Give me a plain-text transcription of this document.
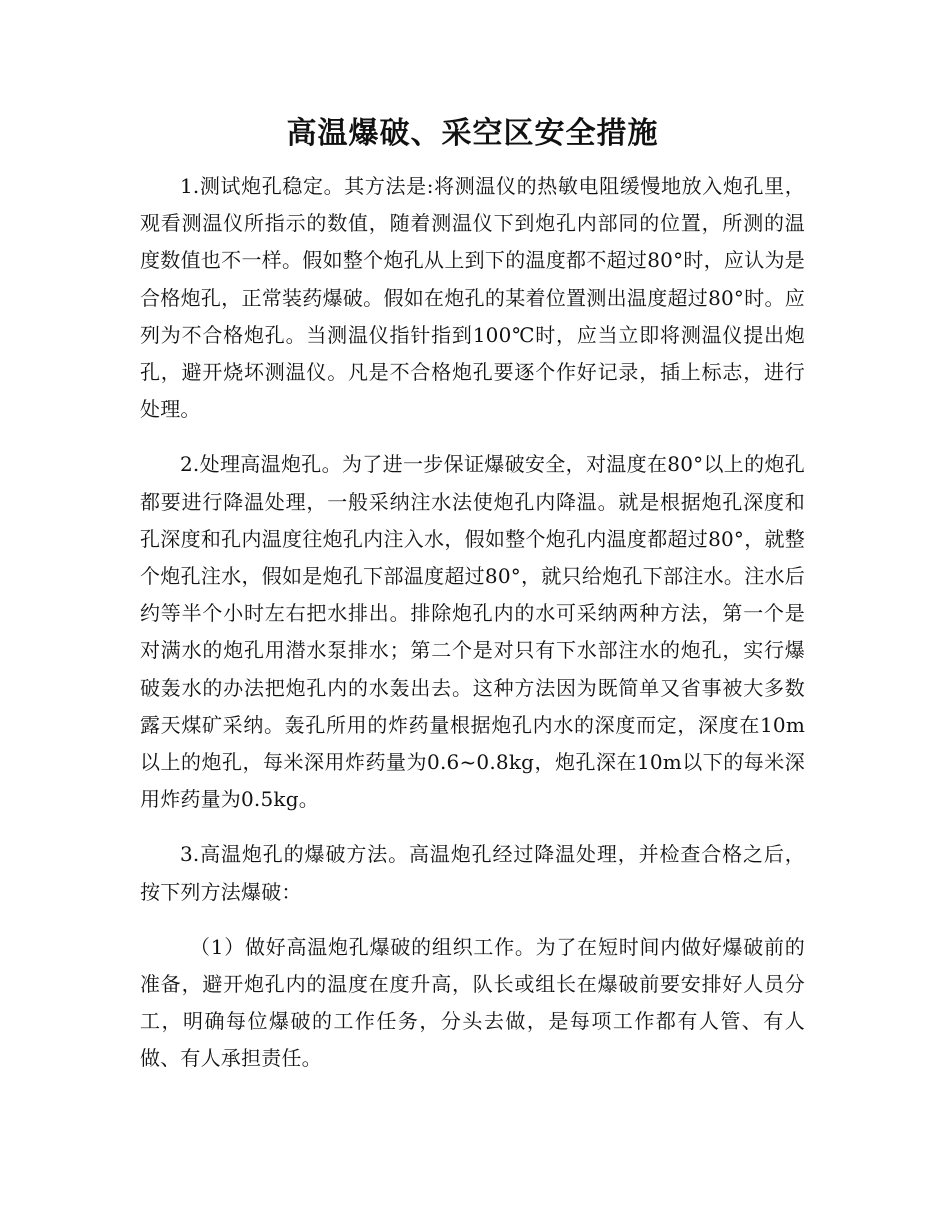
高温爆破、采空区安全措施

1.测试炮孔稳定。其方法是:将测温仪的热敏电阻缓慢地放入炮孔里，观看测温仪所指示的数值，随着测温仪下到炮孔内部同的位置，所测的温度数值也不一样。假如整个炮孔从上到下的温度都不超过80°时，应认为是合格炮孔，正常装药爆破。假如在炮孔的某着位置测出温度超过80°时。应列为不合格炮孔。当测温仪指针指到100℃时，应当立即将测温仪提出炮孔，避开烧坏测温仪。凡是不合格炮孔要逐个作好记录，插上标志，进行处理。

2.处理高温炮孔。为了进一步保证爆破安全，对温度在80°以上的炮孔都要进行降温处理，一般采纳注水法使炮孔内降温。就是根据炮孔深度和孔深度和孔内温度往炮孔内注入水，假如整个炮孔内温度都超过80°，就整个炮孔注水，假如是炮孔下部温度超过80°，就只给炮孔下部注水。注水后约等半个小时左右把水排出。排除炮孔内的水可采纳两种方法，第一个是对满水的炮孔用潜水泵排水；第二个是对只有下水部注水的炮孔，实行爆破轰水的办法把炮孔内的水轰出去。这种方法因为既简单又省事被大多数露天煤矿采纳。轰孔所用的炸药量根据炮孔内水的深度而定，深度在10m以上的炮孔，每米深用炸药量为0.6~0.8kg，炮孔深在10m以下的每米深用炸药量为0.5kg。

3.高温炮孔的爆破方法。高温炮孔经过降温处理，并检查合格之后，按下列方法爆破：

（1）做好高温炮孔爆破的组织工作。为了在短时间内做好爆破前的准备，避开炮孔内的温度在度升高，队长或组长在爆破前要安排好人员分工，明确每位爆破的工作任务，分头去做，是每项工作都有人管、有人做、有人承担责任。
